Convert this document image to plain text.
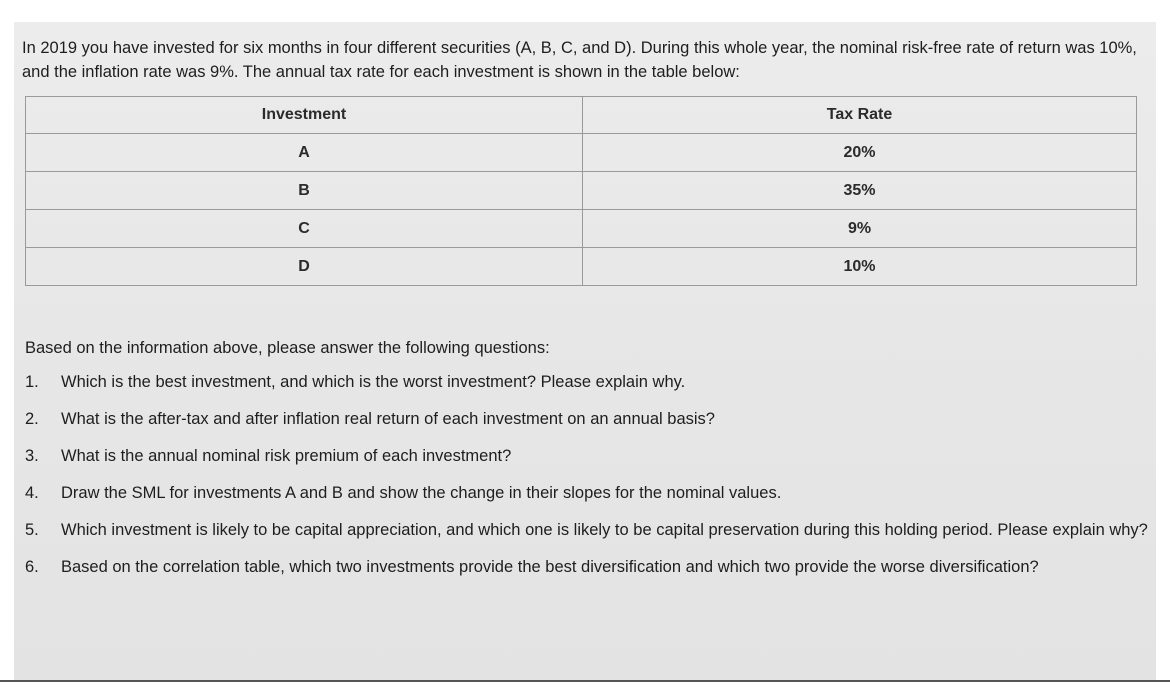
In 2019 you have invested for six months in four different securities (A, B, C, and D). During this whole year, the nominal risk-free rate of return was 10%, and the inflation rate was 9%. The annual tax rate for each investment is shown in the table below:

Investment	Tax Rate
A	20%
B	35%
C	9%
D	10%

Based on the information above, please answer the following questions:

1. Which is the best investment, and which is the worst investment? Please explain why.

2. What is the after-tax and after inflation real return of each investment on an annual basis?

3. What is the annual nominal risk premium of each investment?

4. Draw the SML for investments A and B and show the change in their slopes for the nominal values.

5. Which investment is likely to be capital appreciation, and which one is likely to be capital preservation during this holding period. Please explain why?

6. Based on the correlation table, which two investments provide the best diversification and which two provide the worse diversification?
